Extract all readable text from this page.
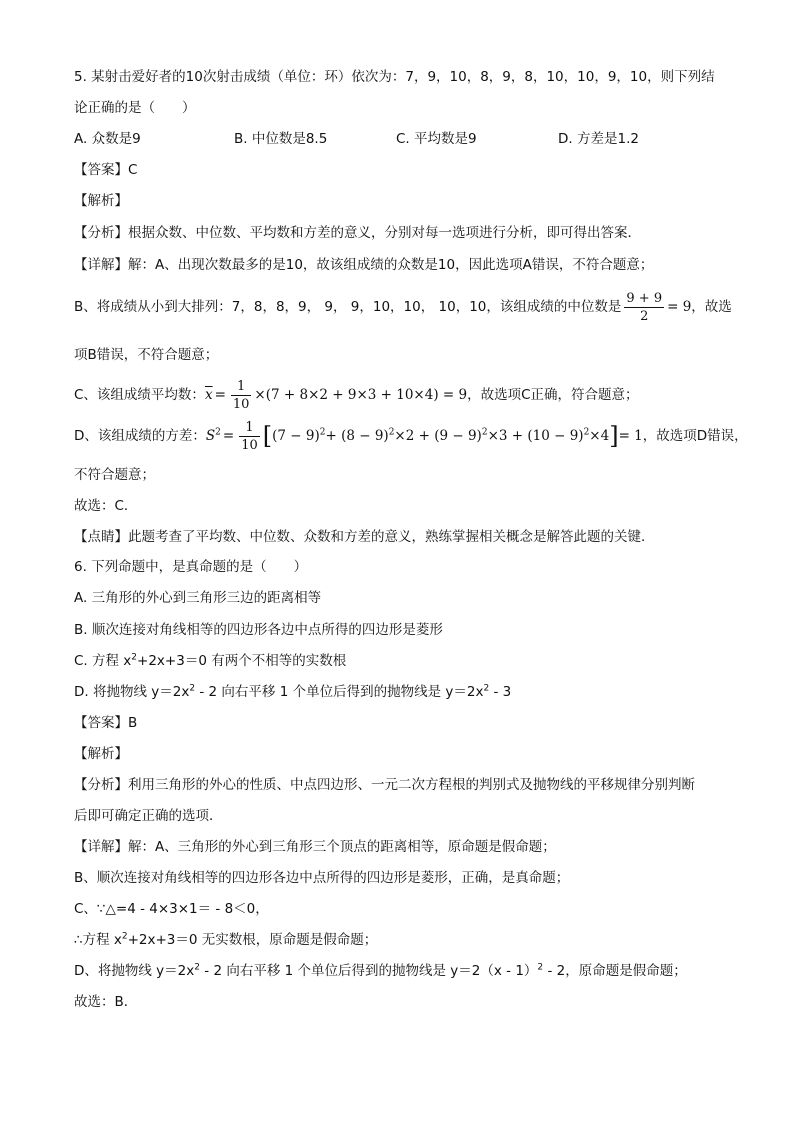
5. 某射击爱好者的10次射击成绩（单位：环）依次为：7，9，10，8，9，8，10，10，9，10，则下列结
论正确的是（　　）
A. 众数是9	B. 中位数是8.5	C. 平均数是9	D. 方差是1.2
【答案】C
【解析】
【分析】根据众数、中位数、平均数和方差的意义，分别对每一选项进行分析，即可得出答案．
【详解】解：A、出现次数最多的是10，故该组成绩的众数是10，因此选项A错误，不符合题意；
B、将成绩从小到大排列：7，8，8，9， 9， 9，10，10， 10，10，该组成绩的中位数是 $\frac{9 + 9}{2} = 9$，故选
项B错误，不符合题意；
C、该组成绩平均数：$\overline{x} = \frac{1}{10} \times(7 + 8\times 2 + 9\times 3 + 10\times 4) = 9$，故选项C正确，符合题意；
D、该组成绩的方差：$S^2 = \frac{1}{10} [(7 - 9)^2+ (8 - 9)^2\times 2 + (9 - 9)^2\times 3 + (10 - 9)^2\times 4]= 1$，故选项D错误，
不符合题意；
故选：C．
【点睛】此题考查了平均数、中位数、众数和方差的意义，熟练掌握相关概念是解答此题的关键．
6. 下列命题中，是真命题的是（　　）
A. 三角形的外心到三角形三边的距离相等
B. 顺次连接对角线相等的四边形各边中点所得的四边形是菱形
C. 方程 $x^2+2x+3=0$ 有两个不相等的实数根
D. 将抛物线 $y=2x^2 - 2$ 向右平移 1 个单位后得到的抛物线是 $y=2x^2 - 3$
【答案】B
【解析】
【分析】利用三角形的外心的性质、中点四边形、一元二次方程根的判别式及抛物线的平移规律分别判断
后即可确定正确的选项．
【详解】解：A、三角形的外心到三角形三个顶点的距离相等，原命题是假命题；
B、顺次连接对角线相等的四边形各边中点所得的四边形是菱形，正确，是真命题；
C、∵△=4 - 4×3×1＝ - 8＜0，
∴方程 $x^2+2x+3=0$ 无实数根，原命题是假命题；
D、将抛物线 $y=2x^2 - 2$ 向右平移 1 个单位后得到的抛物线是 y＝2（x - 1）$^2$ - 2，原命题是假命题；
故选：B．
